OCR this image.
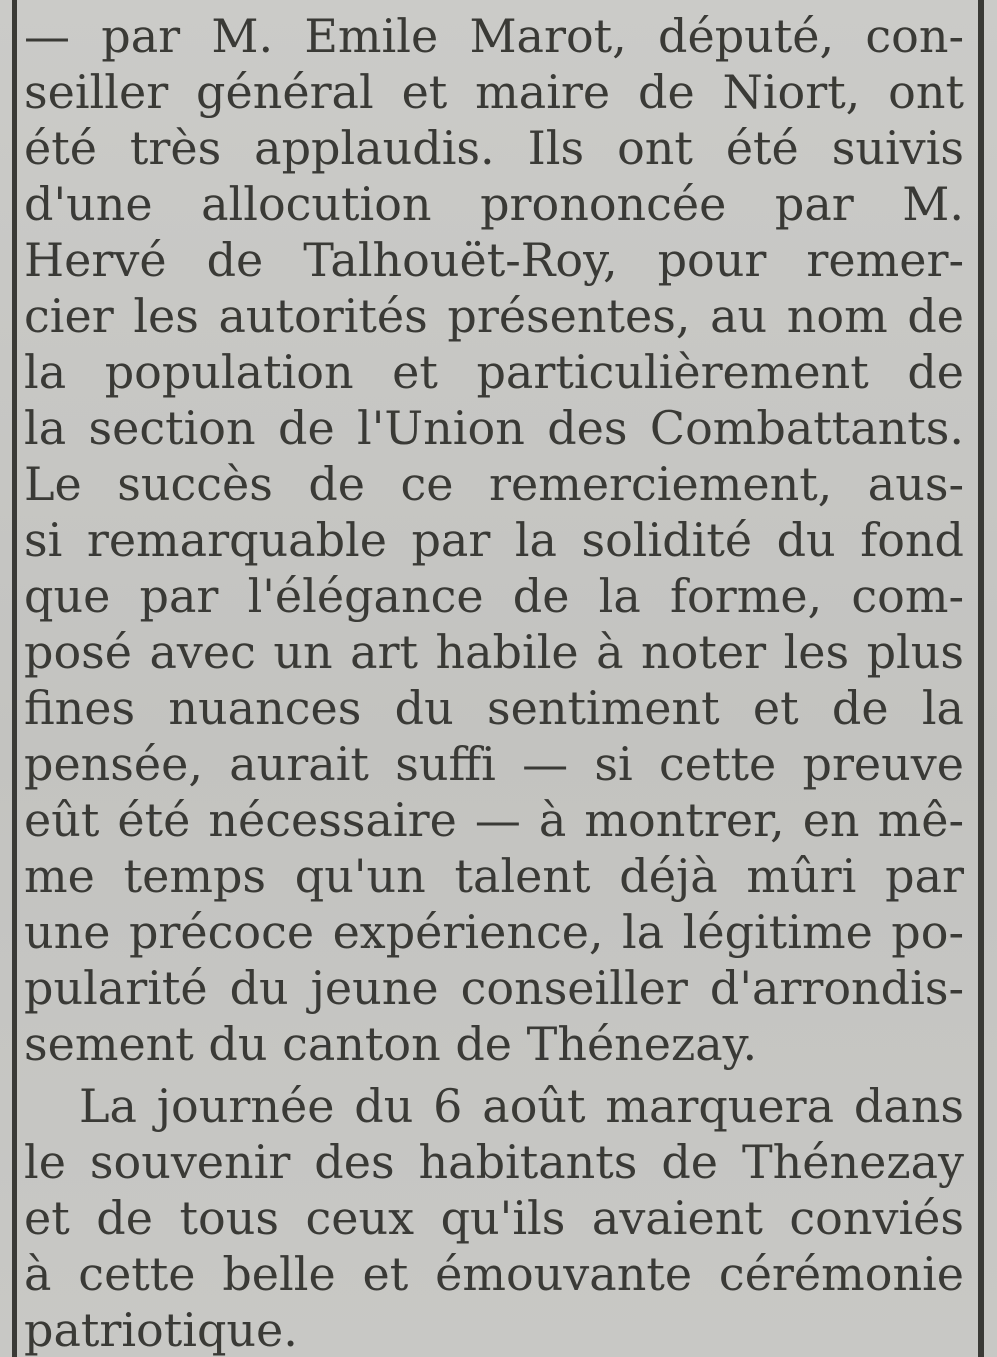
— par M. Emile Marot, député, con-
seiller général et maire de Niort, ont
été très applaudis. Ils ont été suivis
d'une allocution prononcée par M.
Hervé de Talhouët-Roy, pour remer-
cier les autorités présentes, au nom de
la population et particulièrement de
la section de l'Union des Combattants.
Le succès de ce remerciement, aus-
si remarquable par la solidité du fond
que par l'élégance de la forme, com-
posé avec un art habile à noter les plus
fines nuances du sentiment et de la
pensée, aurait suffi — si cette preuve
eût été nécessaire — à montrer, en mê-
me temps qu'un talent déjà mûri par
une précoce expérience, la légitime po-
pularité du jeune conseiller d'arrondis-
sement du canton de Thénezay.
La journée du 6 août marquera dans
le souvenir des habitants de Thénezay
et de tous ceux qu'ils avaient conviés
à cette belle et émouvante cérémonie
patriotique.
